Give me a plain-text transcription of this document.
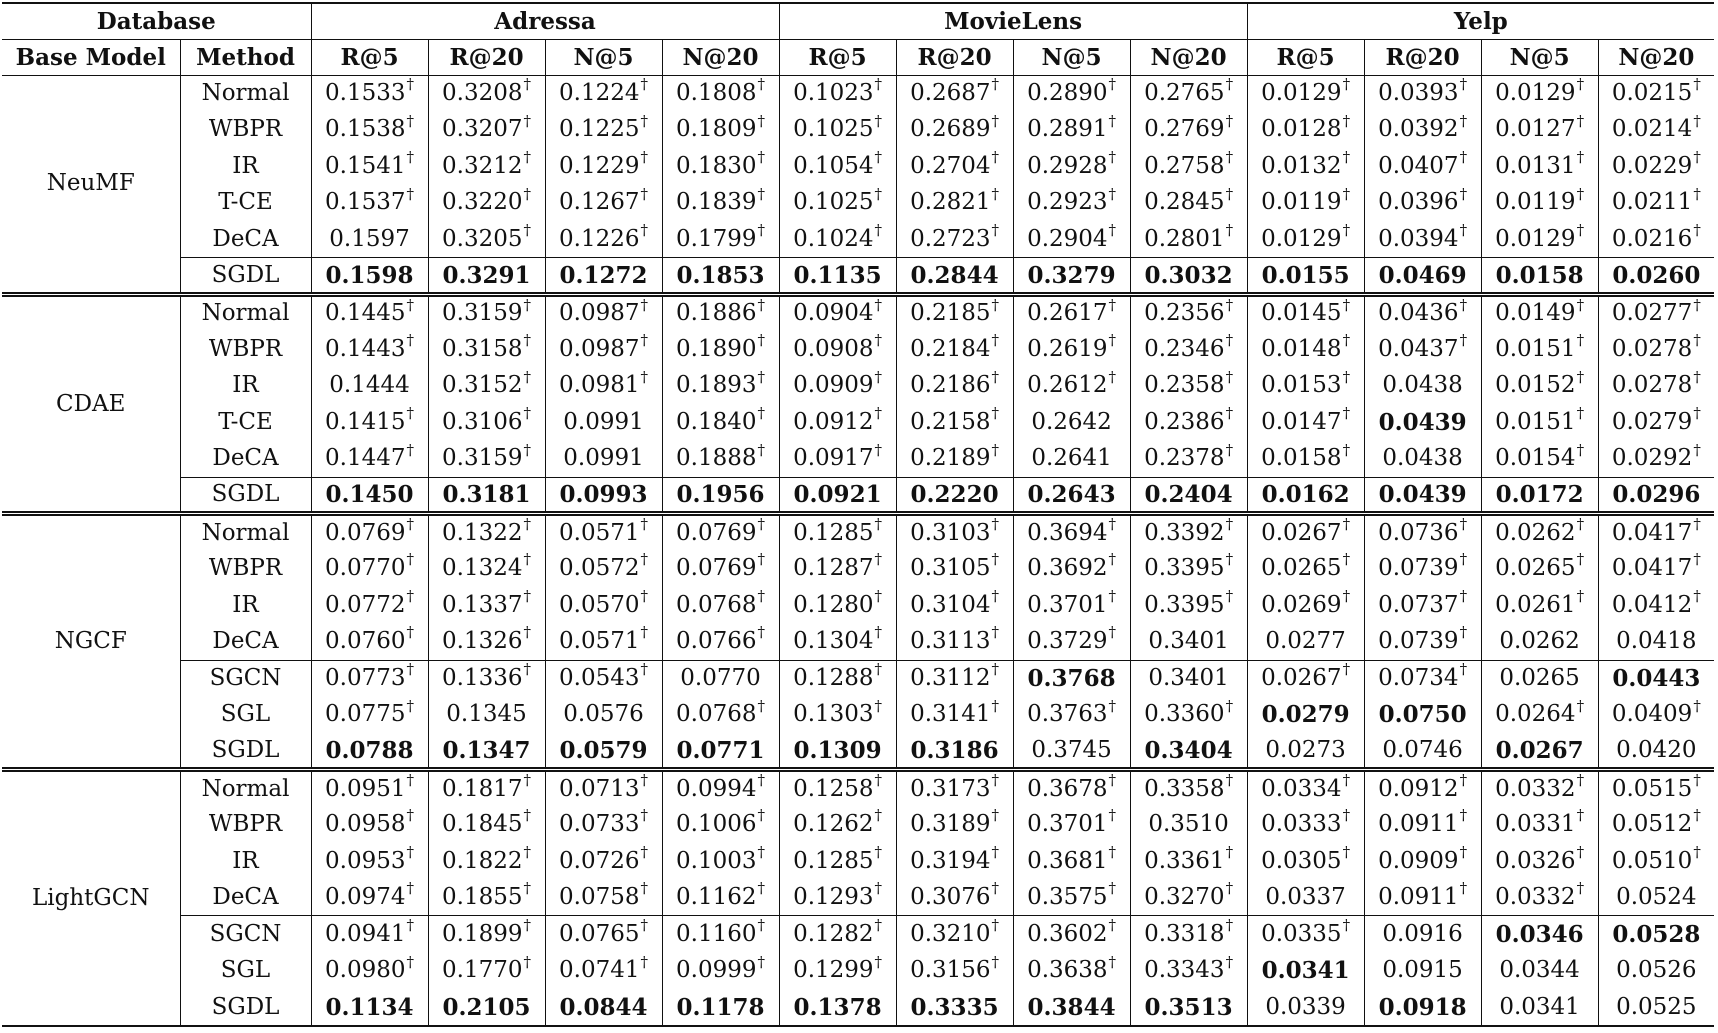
Database		Adressa				MovieLens				Yelp			
Base Model	Method	R@5	R@20	N@5	N@20	R@5	R@20	N@5	N@20	R@5	R@20	N@5	N@20
NeuMF	Normal	0.1533†	0.3208†	0.1224†	0.1808†	0.1023†	0.2687†	0.2890†	0.2765†	0.0129†	0.0393†	0.0129†	0.0215†
	WBPR	0.1538†	0.3207†	0.1225†	0.1809†	0.1025†	0.2689†	0.2891†	0.2769†	0.0128†	0.0392†	0.0127†	0.0214†
	IR	0.1541†	0.3212†	0.1229†	0.1830†	0.1054†	0.2704†	0.2928†	0.2758†	0.0132†	0.0407†	0.0131†	0.0229†
	T-CE	0.1537†	0.3220†	0.1267†	0.1839†	0.1025†	0.2821†	0.2923†	0.2845†	0.0119†	0.0396†	0.0119†	0.0211†
	DeCA	0.1597	0.3205†	0.1226†	0.1799†	0.1024†	0.2723†	0.2904†	0.2801†	0.0129†	0.0394†	0.0129†	0.0216†
	SGDL	0.1598	0.3291	0.1272	0.1853	0.1135	0.2844	0.3279	0.3032	0.0155	0.0469	0.0158	0.0260
CDAE	Normal	0.1445†	0.3159†	0.0987†	0.1886†	0.0904†	0.2185†	0.2617†	0.2356†	0.0145†	0.0436†	0.0149†	0.0277†
	WBPR	0.1443†	0.3158†	0.0987†	0.1890†	0.0908†	0.2184†	0.2619†	0.2346†	0.0148†	0.0437†	0.0151†	0.0278†
	IR	0.1444	0.3152†	0.0981†	0.1893†	0.0909†	0.2186†	0.2612†	0.2358†	0.0153†	0.0438	0.0152†	0.0278†
	T-CE	0.1415†	0.3106†	0.0991	0.1840†	0.0912†	0.2158†	0.2642	0.2386†	0.0147†	0.0439	0.0151†	0.0279†
	DeCA	0.1447†	0.3159†	0.0991	0.1888†	0.0917†	0.2189†	0.2641	0.2378†	0.0158†	0.0438	0.0154†	0.0292†
	SGDL	0.1450	0.3181	0.0993	0.1956	0.0921	0.2220	0.2643	0.2404	0.0162	0.0439	0.0172	0.0296
NGCF	Normal	0.0769†	0.1322†	0.0571†	0.0769†	0.1285†	0.3103†	0.3694†	0.3392†	0.0267†	0.0736†	0.0262†	0.0417†
	WBPR	0.0770†	0.1324†	0.0572†	0.0769†	0.1287†	0.3105†	0.3692†	0.3395†	0.0265†	0.0739†	0.0265†	0.0417†
	IR	0.0772†	0.1337†	0.0570†	0.0768†	0.1280†	0.3104†	0.3701†	0.3395†	0.0269†	0.0737†	0.0261†	0.0412†
	DeCA	0.0760†	0.1326†	0.0571†	0.0766†	0.1304†	0.3113†	0.3729†	0.3401	0.0277	0.0739†	0.0262	0.0418
	SGCN	0.0773†	0.1336†	0.0543†	0.0770	0.1288†	0.3112†	0.3768	0.3401	0.0267†	0.0734†	0.0265	0.0443
	SGL	0.0775†	0.1345	0.0576	0.0768†	0.1303†	0.3141†	0.3763†	0.3360†	0.0279	0.0750	0.0264†	0.0409†
	SGDL	0.0788	0.1347	0.0579	0.0771	0.1309	0.3186	0.3745	0.3404	0.0273	0.0746	0.0267	0.0420
LightGCN	Normal	0.0951†	0.1817†	0.0713†	0.0994†	0.1258†	0.3173†	0.3678†	0.3358†	0.0334†	0.0912†	0.0332†	0.0515†
	WBPR	0.0958†	0.1845†	0.0733†	0.1006†	0.1262†	0.3189†	0.3701†	0.3510	0.0333†	0.0911†	0.0331†	0.0512†
	IR	0.0953†	0.1822†	0.0726†	0.1003†	0.1285†	0.3194†	0.3681†	0.3361†	0.0305†	0.0909†	0.0326†	0.0510†
	DeCA	0.0974†	0.1855†	0.0758†	0.1162†	0.1293†	0.3076†	0.3575†	0.3270†	0.0337	0.0911†	0.0332†	0.0524
	SGCN	0.0941†	0.1899†	0.0765†	0.1160†	0.1282†	0.3210†	0.3602†	0.3318†	0.0335†	0.0916	0.0346	0.0528
	SGL	0.0980†	0.1770†	0.0741†	0.0999†	0.1299†	0.3156†	0.3638†	0.3343†	0.0341	0.0915	0.0344	0.0526
	SGDL	0.1134	0.2105	0.0844	0.1178	0.1378	0.3335	0.3844	0.3513	0.0339	0.0918	0.0341	0.0525
